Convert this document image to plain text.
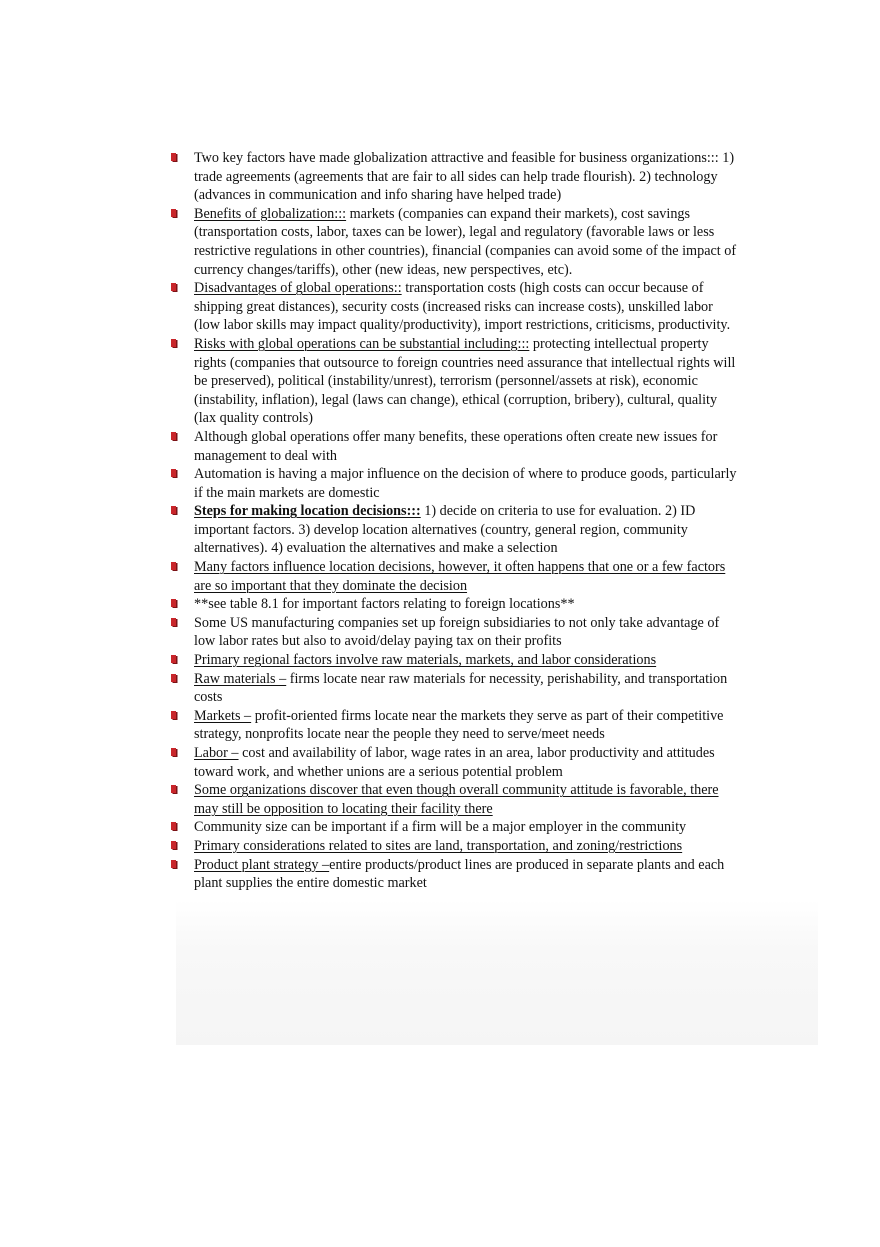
Two key factors have made globalization attractive and feasible for business organizations::: 1) trade agreements (agreements that are fair to all sides can help trade flourish). 2) technology (advances in communication and info sharing have helped trade)
Benefits of globalization::: markets (companies can expand their markets), cost savings (transportation costs, labor, taxes can be lower), legal and regulatory (favorable laws or less restrictive regulations in other countries), financial (companies can avoid some of the impact of currency changes/tariffs), other (new ideas, new perspectives, etc).
Disadvantages of global operations:: transportation costs (high costs can occur because of shipping great distances), security costs (increased risks can increase costs), unskilled labor (low labor skills may impact quality/productivity), import restrictions, criticisms, productivity.
Risks with global operations can be substantial including::: protecting intellectual property rights (companies that outsource to foreign countries need assurance that intellectual rights will be preserved), political (instability/unrest), terrorism (personnel/assets at risk), economic (instability, inflation), legal (laws can change), ethical (corruption, bribery), cultural, quality (lax quality controls)
Although global operations offer many benefits, these operations often create new issues for management to deal with
Automation is having a major influence on the decision of where to produce goods, particularly if the main markets are domestic
Steps for making location decisions::: 1) decide on criteria to use for evaluation. 2) ID important factors. 3) develop location alternatives (country, general region, community alternatives). 4) evaluation the alternatives and make a selection
Many factors influence location decisions, however, it often happens that one or a few factors are so important that they dominate the decision
**see table 8.1 for important factors relating to foreign locations**
Some US manufacturing companies set up foreign subsidiaries to not only take advantage of low labor rates but also to avoid/delay paying tax on their profits
Primary regional factors involve raw materials, markets, and labor considerations
Raw materials – firms locate near raw materials for necessity, perishability, and transportation costs
Markets – profit-oriented firms locate near the markets they serve as part of their competitive strategy, nonprofits locate near the people they need to serve/meet needs
Labor – cost and availability of labor, wage rates in an area, labor productivity and attitudes toward work, and whether unions are a serious potential problem
Some organizations discover that even though overall community attitude is favorable, there may still be opposition to locating their facility there
Community size can be important if a firm will be a major employer in the community
Primary considerations related to sites are land, transportation, and zoning/restrictions
Product plant strategy –entire products/product lines are produced in separate plants and each plant supplies the entire domestic market
